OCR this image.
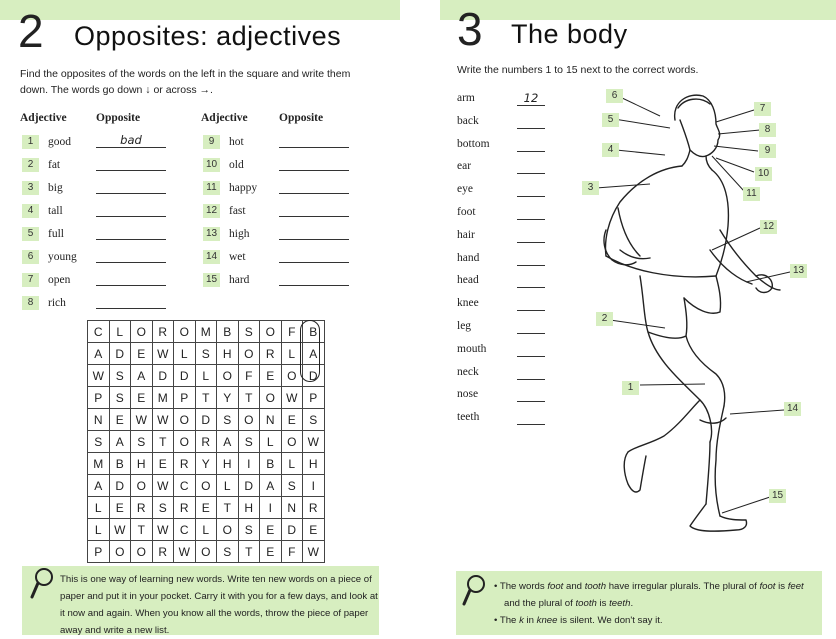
2 Opposites: adjectives
Find the opposites of the words on the left in the square and write them
down. The words go down ↓ or across →.
Adjective	Opposite	Adjective	Opposite
1	good	bad
2	fat
3	big
4	tall
5	full
6	young
7	open
8	rich
9	hot
10 old
11 happy
12 fast
13 high
14 wet
15 hard
C	L	O	R	O	M	B	S	O	F	B
A	D	E	W	L	S	H	O	R	L	A
W	S	A	D	D	L	O	F	E	O	D
P	S	E	M	P	T	Y	T	O	W	P
N	E	W	W	O	D	S	O	N	E	S
S	A	S	T	O	R	A	S	L	O	W
M	B	H	E	R	Y	H	I	B	L	H
A	D	O	W	C	O	L	D	A	S	I
L	E	R	S	R	E	T	H	I	N	R
L	W	T	W	C	L	O	S	E	D	E
P	O	O	R	W	O	S	T	E	F	W
This is one way of learning new words. Write ten new words on a piece of
paper and put it in your pocket. Carry it with you for a few days, and look at
it now and again. When you know all the words, throw the piece of paper
away and write a new list.
3 The body
Write the numbers 1 to 15 next to the correct words.
arm	12
back
bottom
ear
eye
foot
hair
hand
head
knee
leg
mouth
neck
nose
teeth
1
2
3
4
5
6
7
8
9
10
11
12
13
14
15
• The words foot and tooth have irregular plurals. The plural of foot is feet
and the plural of tooth is teeth.
• The k in knee is silent. We don't say it.
